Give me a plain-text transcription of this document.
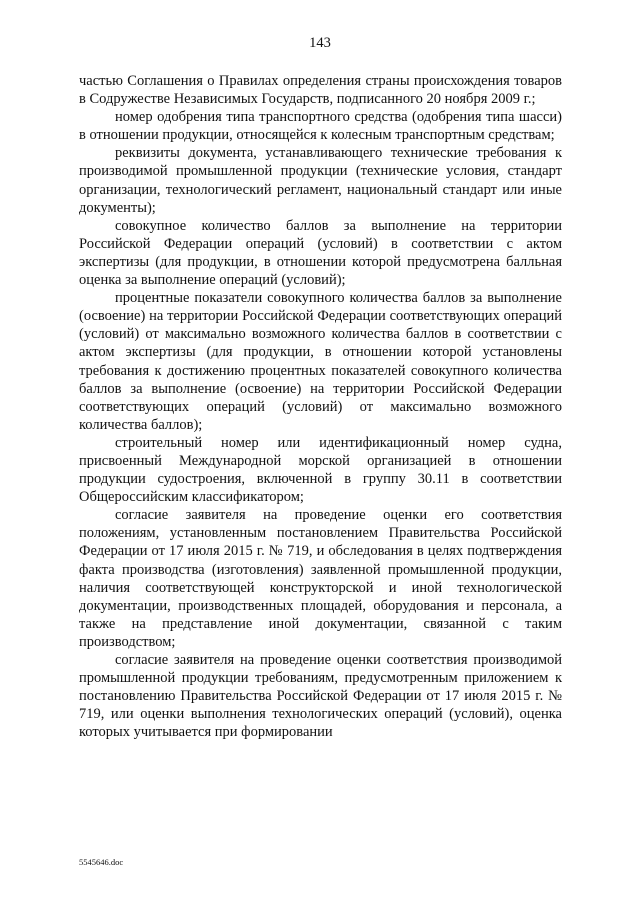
143

частью Соглашения о Правилах определения страны происхождения товаров в Содружестве Независимых Государств, подписанного 20 ноября 2009 г.;

номер одобрения типа транспортного средства (одобрения типа шасси) в отношении продукции, относящейся к колесным транспортным средствам;

реквизиты документа, устанавливающего технические требования к производимой промышленной продукции (технические условия, стандарт организации, технологический регламент, национальный стандарт или иные документы);

совокупное количество баллов за выполнение на территории Российской Федерации операций (условий) в соответствии с актом экспертизы (для продукции, в отношении которой предусмотрена балльная оценка за выполнение операций (условий);

процентные показатели совокупного количества баллов за выполнение (освоение) на территории Российской Федерации соответствующих операций (условий) от максимально возможного количества баллов в соответствии с актом экспертизы (для продукции, в отношении которой установлены требования к достижению процентных показателей совокупного количества баллов за выполнение (освоение) на территории Российской Федерации соответствующих операций (условий) от максимально возможного количества баллов);

строительный номер или идентификационный номер судна, присвоенный Международной морской организацией в отношении продукции судостроения, включенной в группу 30.11 в соответствии Общероссийским классификатором;

согласие заявителя на проведение оценки его соответствия положениям, установленным постановлением Правительства Российской Федерации от 17 июля 2015 г. № 719, и обследования в целях подтверждения факта производства (изготовления) заявленной промышленной продукции, наличия соответствующей конструкторской и иной технологической документации, производственных площадей, оборудования и персонала, а также на представление иной документации, связанной с таким производством;

согласие заявителя на проведение оценки соответствия производимой промышленной продукции требованиям, предусмотренным приложением к постановлению Правительства Российской Федерации от 17 июля 2015 г. № 719, или оценки выполнения технологических операций (условий), оценка которых учитывается при формировании

5545646.doc
